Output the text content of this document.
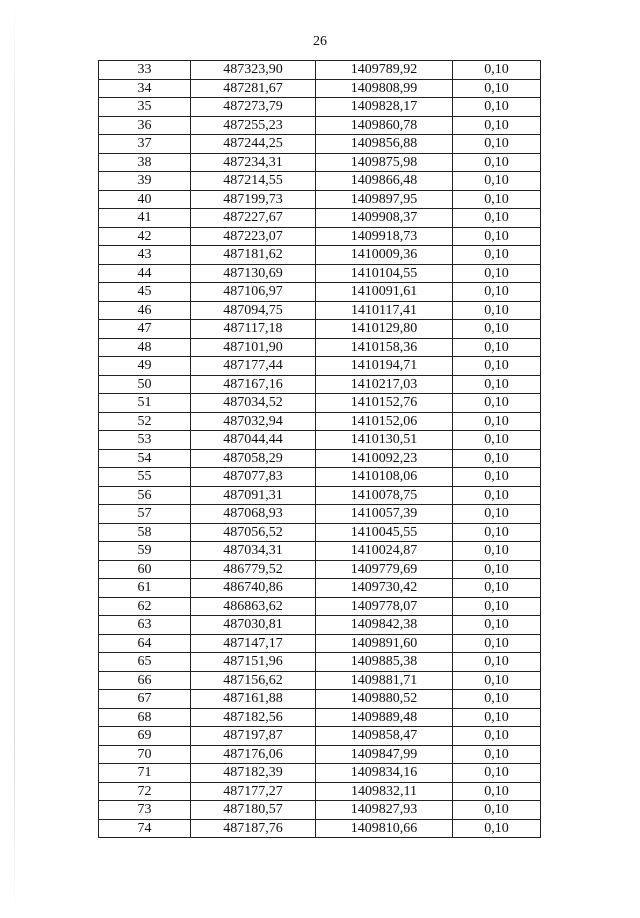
26
33	487323,90	1409789,92	0,10
34	487281,67	1409808,99	0,10
35	487273,79	1409828,17	0,10
36	487255,23	1409860,78	0,10
37	487244,25	1409856,88	0,10
38	487234,31	1409875,98	0,10
39	487214,55	1409866,48	0,10
40	487199,73	1409897,95	0,10
41	487227,67	1409908,37	0,10
42	487223,07	1409918,73	0,10
43	487181,62	1410009,36	0,10
44	487130,69	1410104,55	0,10
45	487106,97	1410091,61	0,10
46	487094,75	1410117,41	0,10
47	487117,18	1410129,80	0,10
48	487101,90	1410158,36	0,10
49	487177,44	1410194,71	0,10
50	487167,16	1410217,03	0,10
51	487034,52	1410152,76	0,10
52	487032,94	1410152,06	0,10
53	487044,44	1410130,51	0,10
54	487058,29	1410092,23	0,10
55	487077,83	1410108,06	0,10
56	487091,31	1410078,75	0,10
57	487068,93	1410057,39	0,10
58	487056,52	1410045,55	0,10
59	487034,31	1410024,87	0,10
60	486779,52	1409779,69	0,10
61	486740,86	1409730,42	0,10
62	486863,62	1409778,07	0,10
63	487030,81	1409842,38	0,10
64	487147,17	1409891,60	0,10
65	487151,96	1409885,38	0,10
66	487156,62	1409881,71	0,10
67	487161,88	1409880,52	0,10
68	487182,56	1409889,48	0,10
69	487197,87	1409858,47	0,10
70	487176,06	1409847,99	0,10
71	487182,39	1409834,16	0,10
72	487177,27	1409832,11	0,10
73	487180,57	1409827,93	0,10
74	487187,76	1409810,66	0,10
